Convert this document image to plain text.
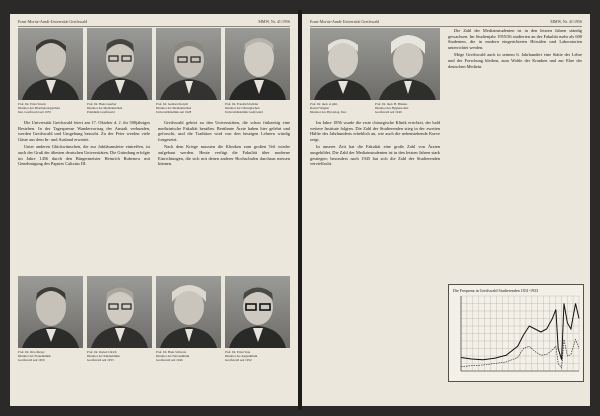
Ernst-Moritz-Arndt-Universität Greifswald	MMW, Nr. 41/1956
Prof. Dr. Ernst Struck
Direktor des Pharmakologischen
Inst. Greifswald seit 1955
Prof. Dr. Hans Gaerber
Direktor der Medizinischen
Poliklinik Greifswald
Prof. Dr. Gerhard Katsch
Direktor der Medizinischen
Universitätsklinik seit 1928
Prof. Dr. Friedrich Köhler
Direktor der Chirurgischen
Universitätsklinik Greifswald

Die Universität Greifswald feiert am 17. Oktober d. J. ihr 500jähriges Bestehen. In der Tagespresse Wandervortrag der Anstalt verbunden, werden Greifswald und Umgebung besucht. Zu der Feier werden viele Gäste aus dem In- und Ausland erwartet.

Unter anderen Glückwünschen, die zur Jubiläumsfeier eintreffen, ist auch der Gruß der ältesten deutschen Universitäten. Die Gründung erfolgte im Jahre 1456 durch den Bürgermeister Heinrich Rubenow mit Genehmigung des Papstes Calixtus III.

Greifswald gehört zu den Universitäten, die schon frühzeitig eine medizinische Fakultät besaßen. Berühmte Ärzte haben hier gelehrt und geforscht, und die Tradition wird von den heutigen Lehrern würdig fortgesetzt.

Nach dem Kriege mussten die Kliniken zum großen Teil wieder aufgebaut werden. Heute verfügt die Fakultät über moderne Einrichtungen, die sich mit denen anderer Hochschulen durchaus messen können.

Prof. Dr. Otto Meyer
Direktor der Frauenklinik
Greifswald seit 1950
Prof. Dr. Robert Ulrich
Direktor der Kinderklinik
Greifswald seit 1953
Prof. Dr. Hans Schwarz
Direktor der Nervenklinik
Greifswald seit 1946
Prof. Dr. Ernst Voss
Direktor der Augenklinik
Greifswald seit 1952
Ernst-Moritz-Arndt-Universität Greifswald	MMW, Nr. 41/1956
Prof. Dr. med. et phil.
Robert Wagner
Direktor des Physiolog. Inst.
Prof. Dr. med. H. Blasius
Direktor des Hygiene-Inst.
Greifswald seit 1949

Im Jahre 1856 wurde die erste chirurgische Klinik errichtet, der bald weitere Institute folgten. Die Zahl der Studierenden stieg in der zweiten Hälfte des Jahrhunderts erheblich an, wie auch die nebenstehende Kurve zeigt.

In unserer Zeit hat die Fakultät eine große Zahl von Ärzten ausgebildet. Die Zahl der Medizinstudenten ist in den letzten Jahren stark gestiegen; besonders nach 1945 hat sich die Zahl der Studierenden vervielfacht.

Die Zahl der Medizinstudenten ist in den letzten Jahren ständig gewachsen. Im Studienjahr 1955/56 studierten an der Fakultät mehr als 600 Studenten, die in modern eingerichteten Hörsälen und Laboratorien unterrichtet werden.

Möge Greifswald auch in seinem 6. Jahrhundert eine Stätte der Lehre und der Forschung bleiben, zum Wohle der Kranken und zur Ehre der deutschen Medizin.

Die Frequenz in Greifswald Studierenden 1831-1933
